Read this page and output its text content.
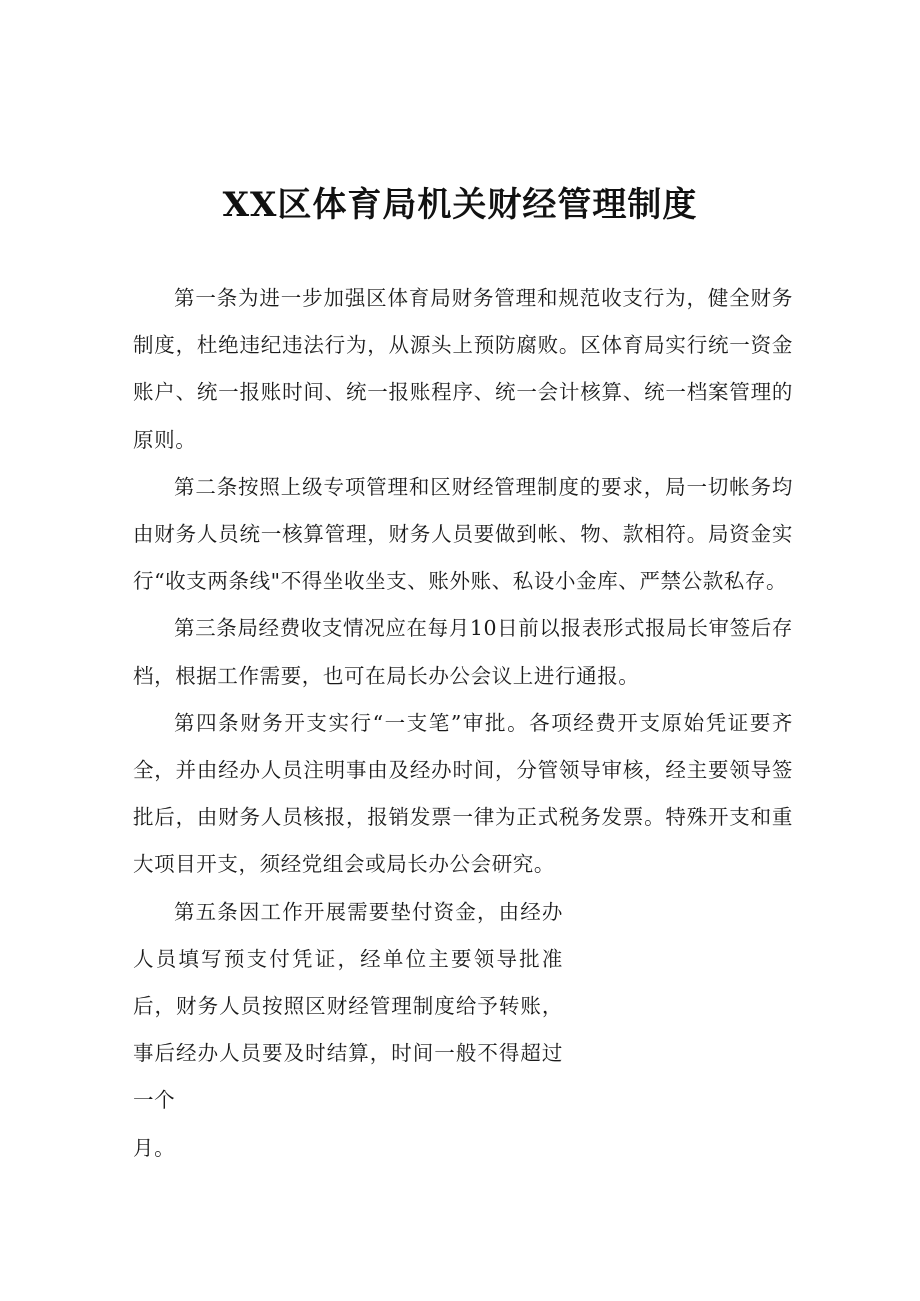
XX区体育局机关财经管理制度

第一条为进一步加强区体育局财务管理和规范收支行为，健全财务制度，杜绝违纪违法行为，从源头上预防腐败。区体育局实行统一资金账户、统一报账时间、统一报账程序、统一会计核算、统一档案管理的原则。

第二条按照上级专项管理和区财经管理制度的要求，局一切帐务均由财务人员统一核算管理，财务人员要做到帐、物、款相符。局资金实行“收支两条线"不得坐收坐支、账外账、私设小金库、严禁公款私存。

第三条局经费收支情况应在每月10日前以报表形式报局长审签后存档，根据工作需要，也可在局长办公会议上进行通报。

第四条财务开支实行“一支笔”审批。各项经费开支原始凭证要齐全，并由经办人员注明事由及经办时间，分管领导审核，经主要领导签批后，由财务人员核报，报销发票一律为正式税务发票。特殊开支和重大项目开支，须经党组会或局长办公会研究。

第五条因工作开展需要垫付资金，由经办人员填写预支付凭证，经单位主要领导批准后，财务人员按照区财经管理制度给予转账，事后经办人员要及时结算，时间一般不得超过一个

月。
